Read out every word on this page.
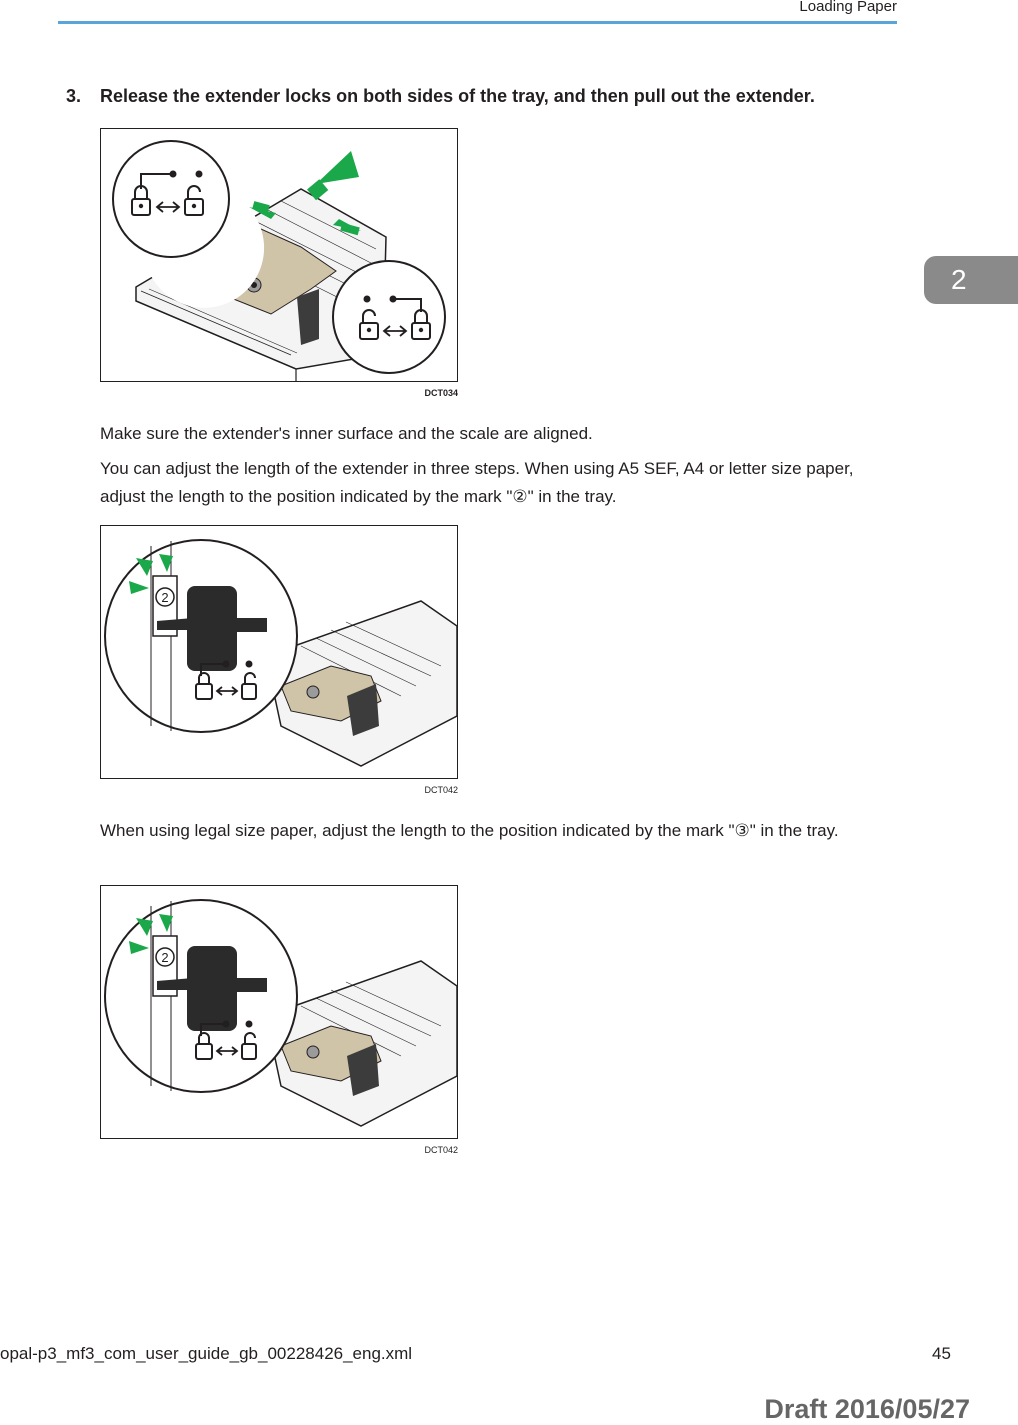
Loading Paper
2
3. Release the extender locks on both sides of the tray, and then pull out the extender.
DCT034
Make sure the extender's inner surface and the scale are aligned.
You can adjust the length of the extender in three steps. When using A5 SEF, A4 or letter size paper, adjust the length to the position indicated by the mark "②" in the tray.
2
DCT042
When using legal size paper, adjust the length to the position indicated by the mark "③" in the tray.
2
DCT042
opal-p3_mf3_com_user_guide_gb_00228426_eng.xml	45
Draft 2016/05/27
